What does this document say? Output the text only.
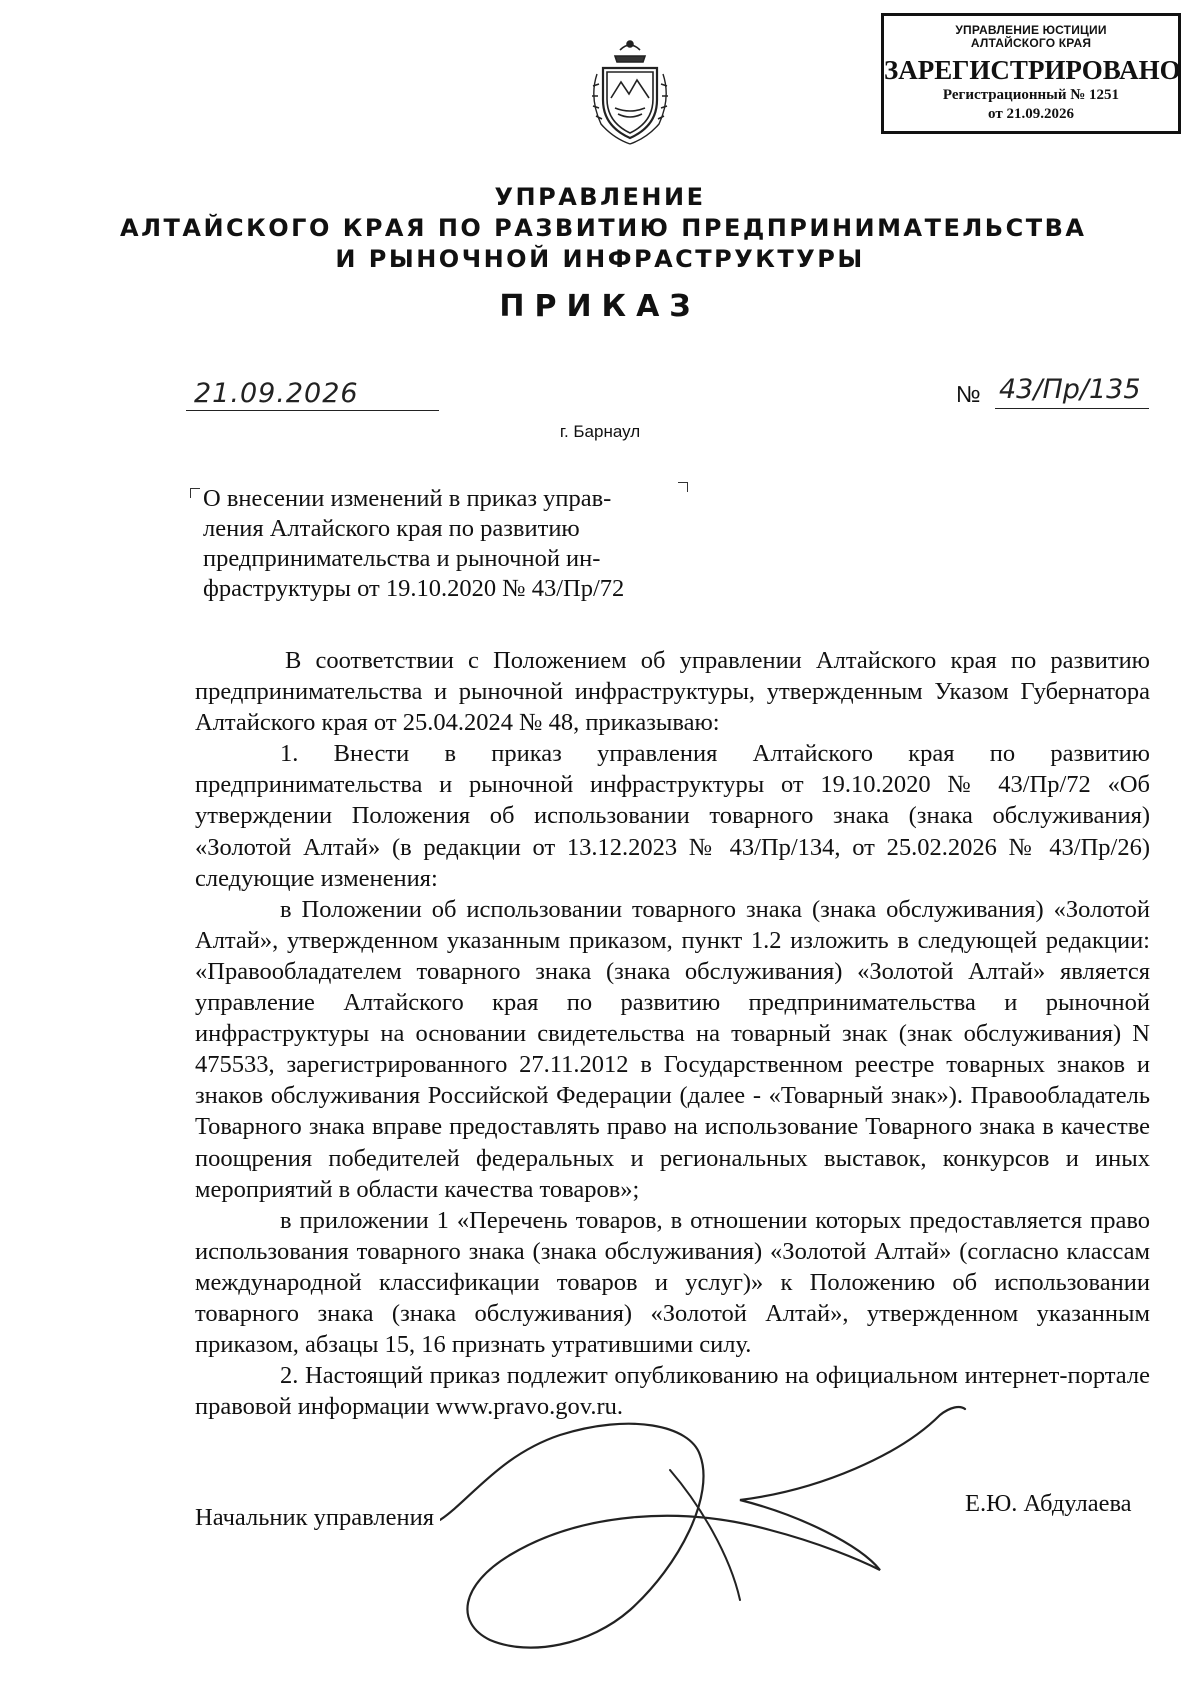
УПРАВЛЕНИЕ ЮСТИЦИИ
АЛТАЙСКОГО КРАЯ
ЗАРЕГИСТРИРОВАНО
Регистрационный № 1251
от 21.09.2026
УПРАВЛЕНИЕ
АЛТАЙСКОГО КРАЯ ПО РАЗВИТИЮ ПРЕДПРИНИМАТЕЛЬСТВА
И РЫНОЧНОЙ ИНФРАСТРУКТУРЫ
ПРИКАЗ
21.09.2026	№ 43/Пр/135
г. Барнаул
О внесении изменений в приказ управ-
ления Алтайского края по развитию
предпринимательства и рыночной ин-
фраструктуры от 19.10.2020 № 43/Пр/72

В соответствии с Положением об управлении Алтайского края по развитию предпринимательства и рыночной инфраструктуры, утвержденным Указом Губернатора Алтайского края от 25.04.2024 № 48, приказываю:

1. Внести в приказ управления Алтайского края по развитию предпринимательства и рыночной инфраструктуры от 19.10.2020 № 43/Пр/72 «Об утверждении Положения об использовании товарного знака (знака обслуживания) «Золотой Алтай» (в редакции от 13.12.2023 № 43/Пр/134, от 25.02.2026 № 43/Пр/26) следующие изменения:

в Положении об использовании товарного знака (знака обслуживания) «Золотой Алтай», утвержденном указанным приказом, пункт 1.2 изложить в следующей редакции: «Правообладателем товарного знака (знака обслуживания) «Золотой Алтай» является управление Алтайского края по развитию предпринимательства и рыночной инфраструктуры на основании свидетельства на товарный знак (знак обслуживания) N 475533, зарегистрированного 27.11.2012 в Государственном реестре товарных знаков и знаков обслуживания Российской Федерации (далее - «Товарный знак»). Правообладатель Товарного знака вправе предоставлять право на использование Товарного знака в качестве поощрения победителей федеральных и региональных выставок, конкурсов и иных мероприятий в области качества товаров»;

в приложении 1 «Перечень товаров, в отношении которых предоставляется право использования товарного знака (знака обслуживания) «Золотой Алтай» (согласно классам международной классификации товаров и услуг)» к Положению об использовании товарного знака (знака обслуживания) «Золотой Алтай», утвержденном указанным приказом, абзацы 15, 16 признать утратившими силу.

2. Настоящий приказ подлежит опубликованию на официальном интернет-портале правовой информации www.pravo.gov.ru.

Начальник управления
Е.Ю. Абдулаева
